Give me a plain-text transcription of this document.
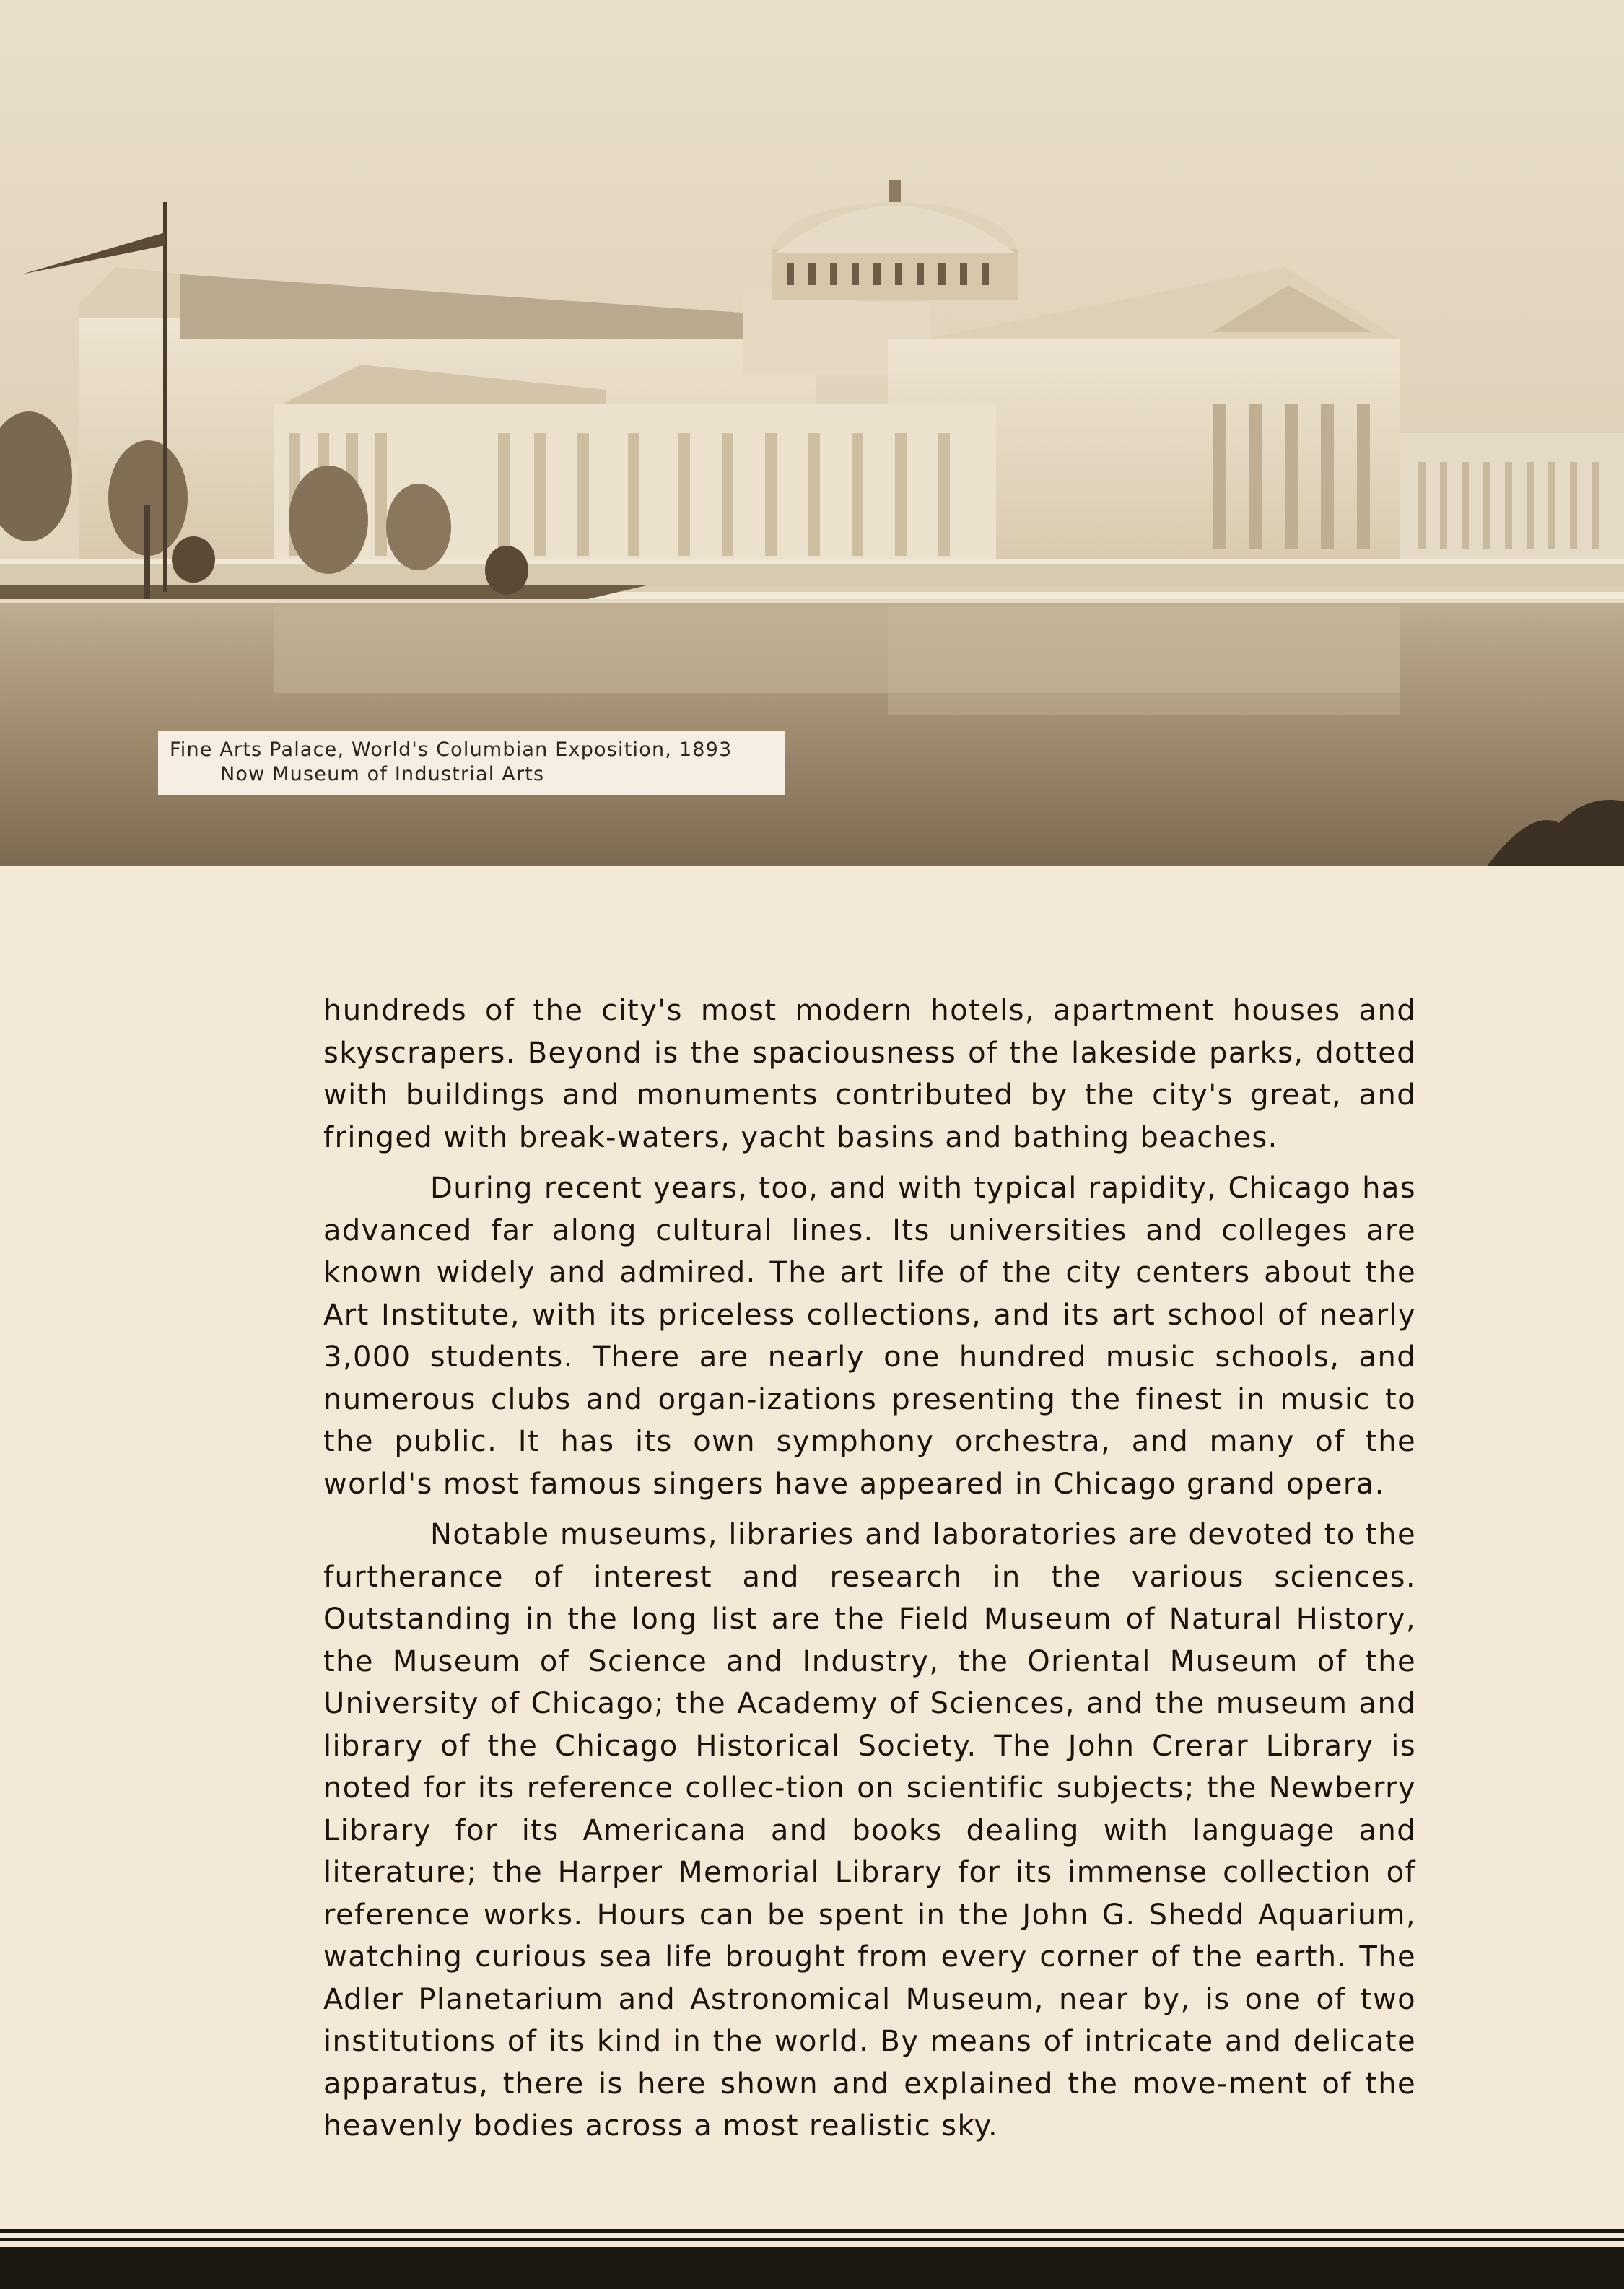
Fine Arts Palace, World's Columbian Exposition, 1893
Now Museum of Industrial Arts

hundreds of the city's most modern hotels, apartment houses and skyscrapers. Beyond is the spaciousness of the lakeside parks, dotted with buildings and monuments contributed by the city's great, and fringed with break-waters, yacht basins and bathing beaches.

During recent years, too, and with typical rapidity, Chicago has advanced far along cultural lines. Its universities and colleges are known widely and admired. The art life of the city centers about the Art Institute, with its priceless collections, and its art school of nearly 3,000 students. There are nearly one hundred music schools, and numerous clubs and organ-izations presenting the finest in music to the public. It has its own symphony orchestra, and many of the world's most famous singers have appeared in Chicago grand opera.

Notable museums, libraries and laboratories are devoted to the furtherance of interest and research in the various sciences. Outstanding in the long list are the Field Museum of Natural History, the Museum of Science and Industry, the Oriental Museum of the University of Chicago; the Academy of Sciences, and the museum and library of the Chicago Historical Society. The John Crerar Library is noted for its reference collec-tion on scientific subjects; the Newberry Library for its Americana and books dealing with language and literature; the Harper Memorial Library for its immense collection of reference works. Hours can be spent in the John G. Shedd Aquarium, watching curious sea life brought from every corner of the earth. The Adler Planetarium and Astronomical Museum, near by, is one of two institutions of its kind in the world. By means of intricate and delicate apparatus, there is here shown and explained the move-ment of the heavenly bodies across a most realistic sky.
